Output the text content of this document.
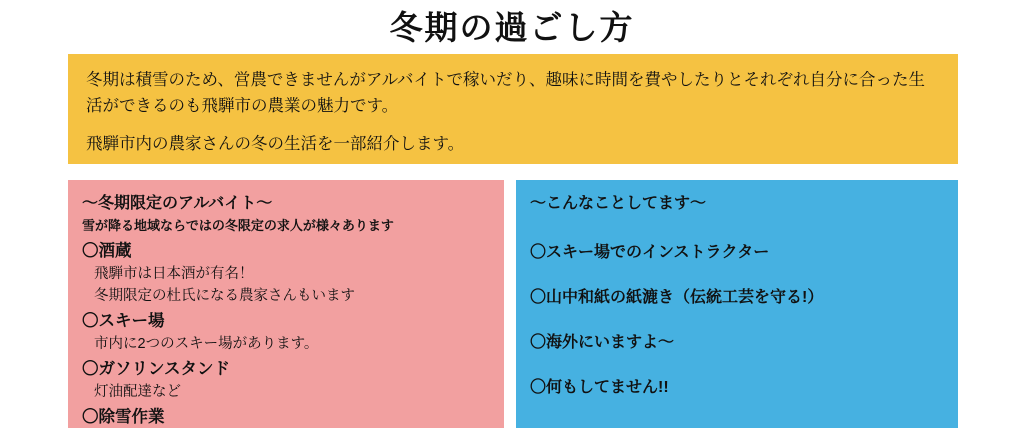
冬期の過ごし方
冬期は積雪のため、営農できませんがアルバイトで稼いだり、趣味に時間を費やしたりとそれぞれ自分に合った生活ができるのも飛騨市の農業の魅力です。
飛騨市内の農家さんの冬の生活を一部紹介します。
～冬期限定のアルバイト～
雪が降る地域ならではの冬限定の求人が様々あります
〇酒蔵
飛騨市は日本酒が有名！
冬期限定の杜氏になる農家さんもいます
〇スキー場
市内に2つのスキー場があります。
〇ガソリンスタンド
灯油配達など
〇除雪作業
～こんなことしてます～
〇スキー場でのインストラクター
〇山中和紙の紙漉き（伝統工芸を守る!）
〇海外にいますよ～
〇何もしてません!!
